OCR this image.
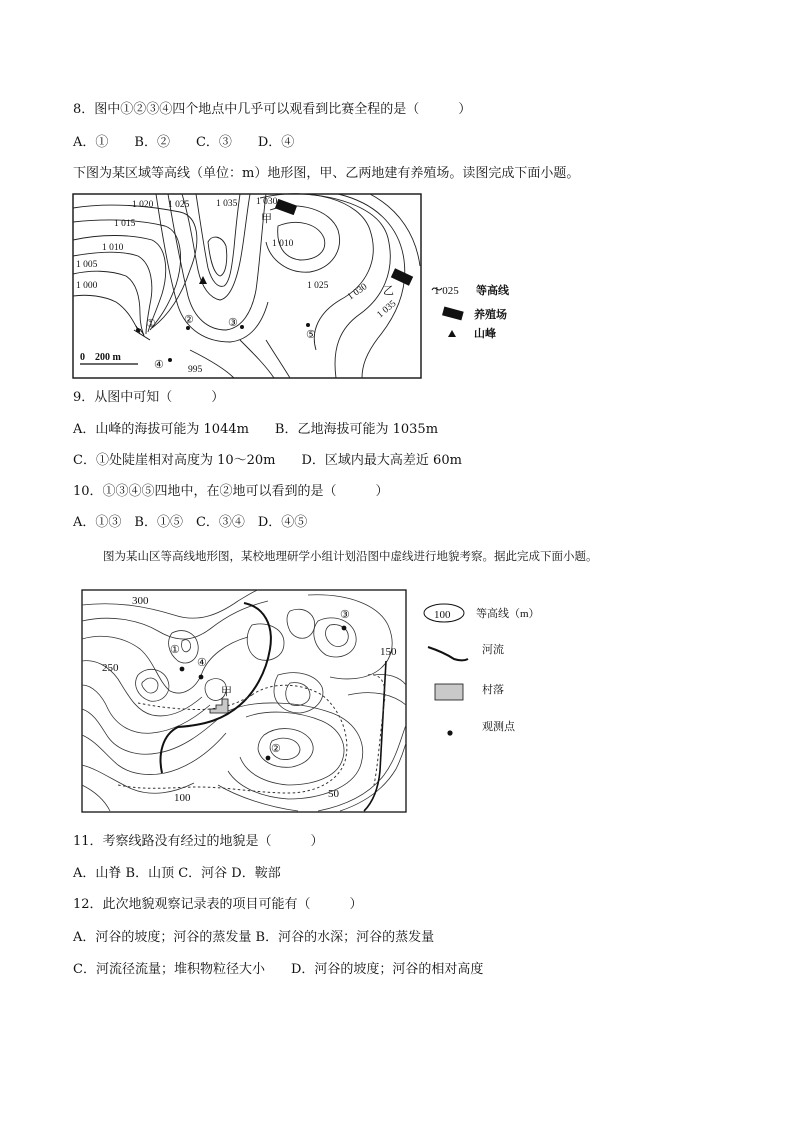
8．图中①②③④四个地点中几乎可以观看到比赛全程的是（　　　）
A．①　　B．②　　C．③　　D．④
下图为某区域等高线（单位：m）地形图，甲、乙两地建有养殖场。读图完成下面小题。
1 020 1 025	1 035 1 030
1 015
1 010
1 005
1 000
1 010
1 025 1 030
1 035
995
甲
乙
①	②	③
④
⑤
0　200 m
1 025 等高线
养殖场
山峰
9．从图中可知（　　　）
A．山峰的海拔可能为 1044m　　B．乙地海拔可能为 1035m
C．①处陡崖相对高度为 10～20m　　D．区域内最大高差近 60m
10．①③④⑤四地中，在②地可以看到的是（　　　）
A．①③　B．①⑤　C．③④　D．④⑤
图为某山区等高线地形图，某校地理研学小组计划沿图中虚线进行地貌考察。据此完成下面小题。
300
250
150
100	50
①
④
②
③
甲
100 等高线（m）
河流
村落
观测点
11．考察线路没有经过的地貌是（　　　）
A．山脊 B．山顶 C．河谷 D．鞍部
12．此次地貌观察记录表的项目可能有（　　　）
A．河谷的坡度；河谷的蒸发量 B．河谷的水深；河谷的蒸发量
C．河流径流量；堆积物粒径大小　　D．河谷的坡度；河谷的相对高度
